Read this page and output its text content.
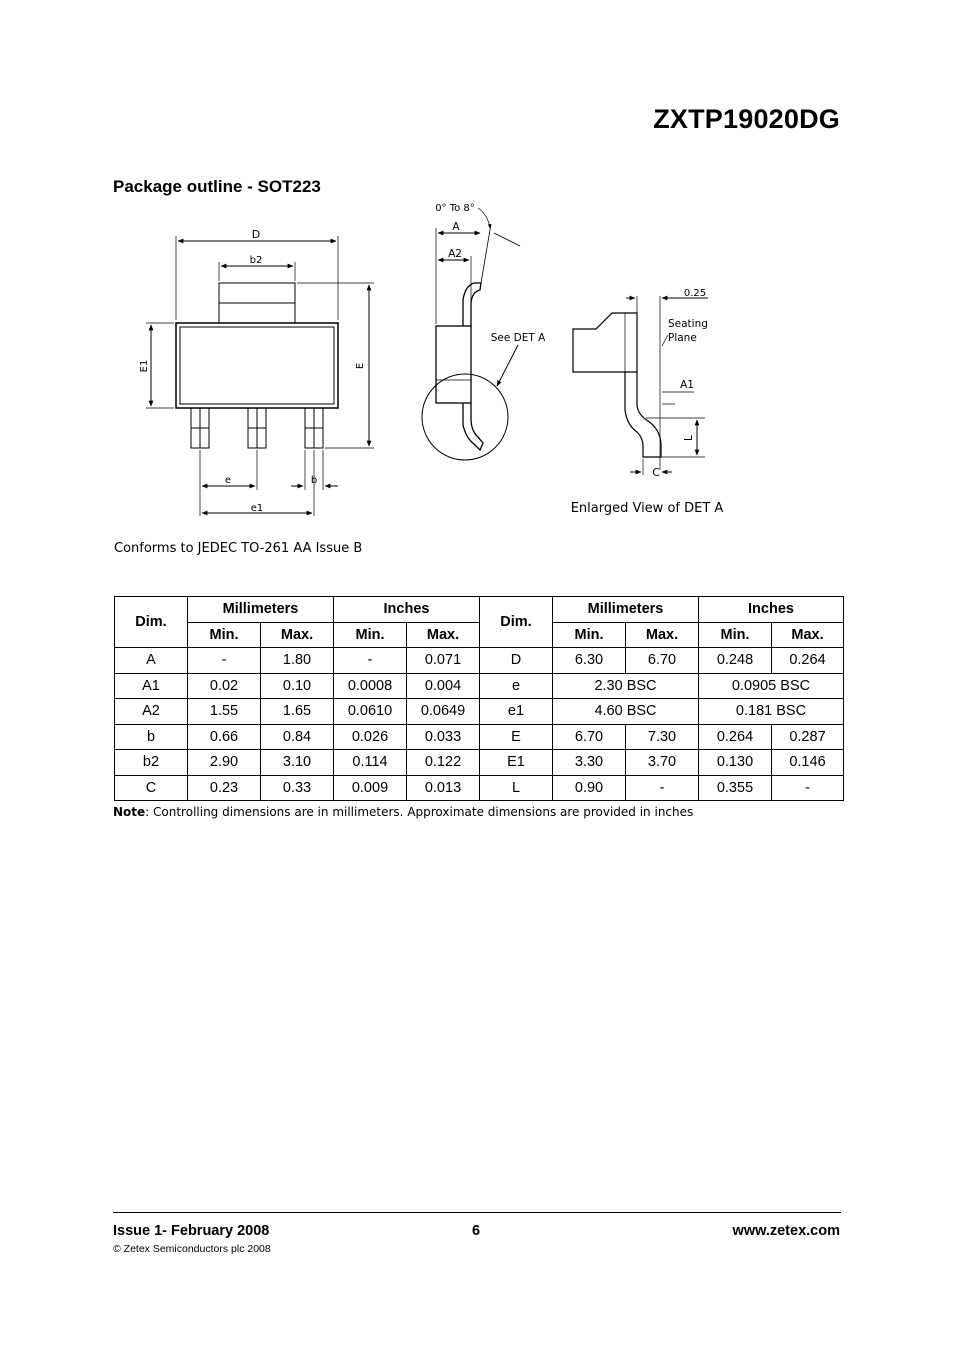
ZXTP19020DG
Package outline - SOT223
D
b2
E1	E
e	b
e1
0° To 8°
A
A2
See DET A
0.25
Seating
Plane
A1
L
C
Enlarged View of DET A
Conforms to JEDEC TO-261 AA Issue B
Dim.	Millimeters		Inches		Dim.	Millimeters		Inches	
	Min.	Max.	Min.	Max.		Min.	Max.	Min.	Max.
A	-	1.80	-	0.071	D	6.30	6.70	0.248	0.264
A1	0.02	0.10	0.0008	0.004	e	2.30 BSC		0.0905 BSC	
A2	1.55	1.65	0.0610	0.0649	e1	4.60 BSC		0.181 BSC	
b	0.66	0.84	0.026	0.033	E	6.70	7.30	0.264	0.287
b2	2.90	3.10	0.114	0.122	E1	3.30	3.70	0.130	0.146
C	0.23	0.33	0.009	0.013	L	0.90	-	0.355	-
Note: Controlling dimensions are in millimeters. Approximate dimensions are provided in inches
Issue 1- February 2008	6	www.zetex.com
© Zetex Semiconductors plc 2008
